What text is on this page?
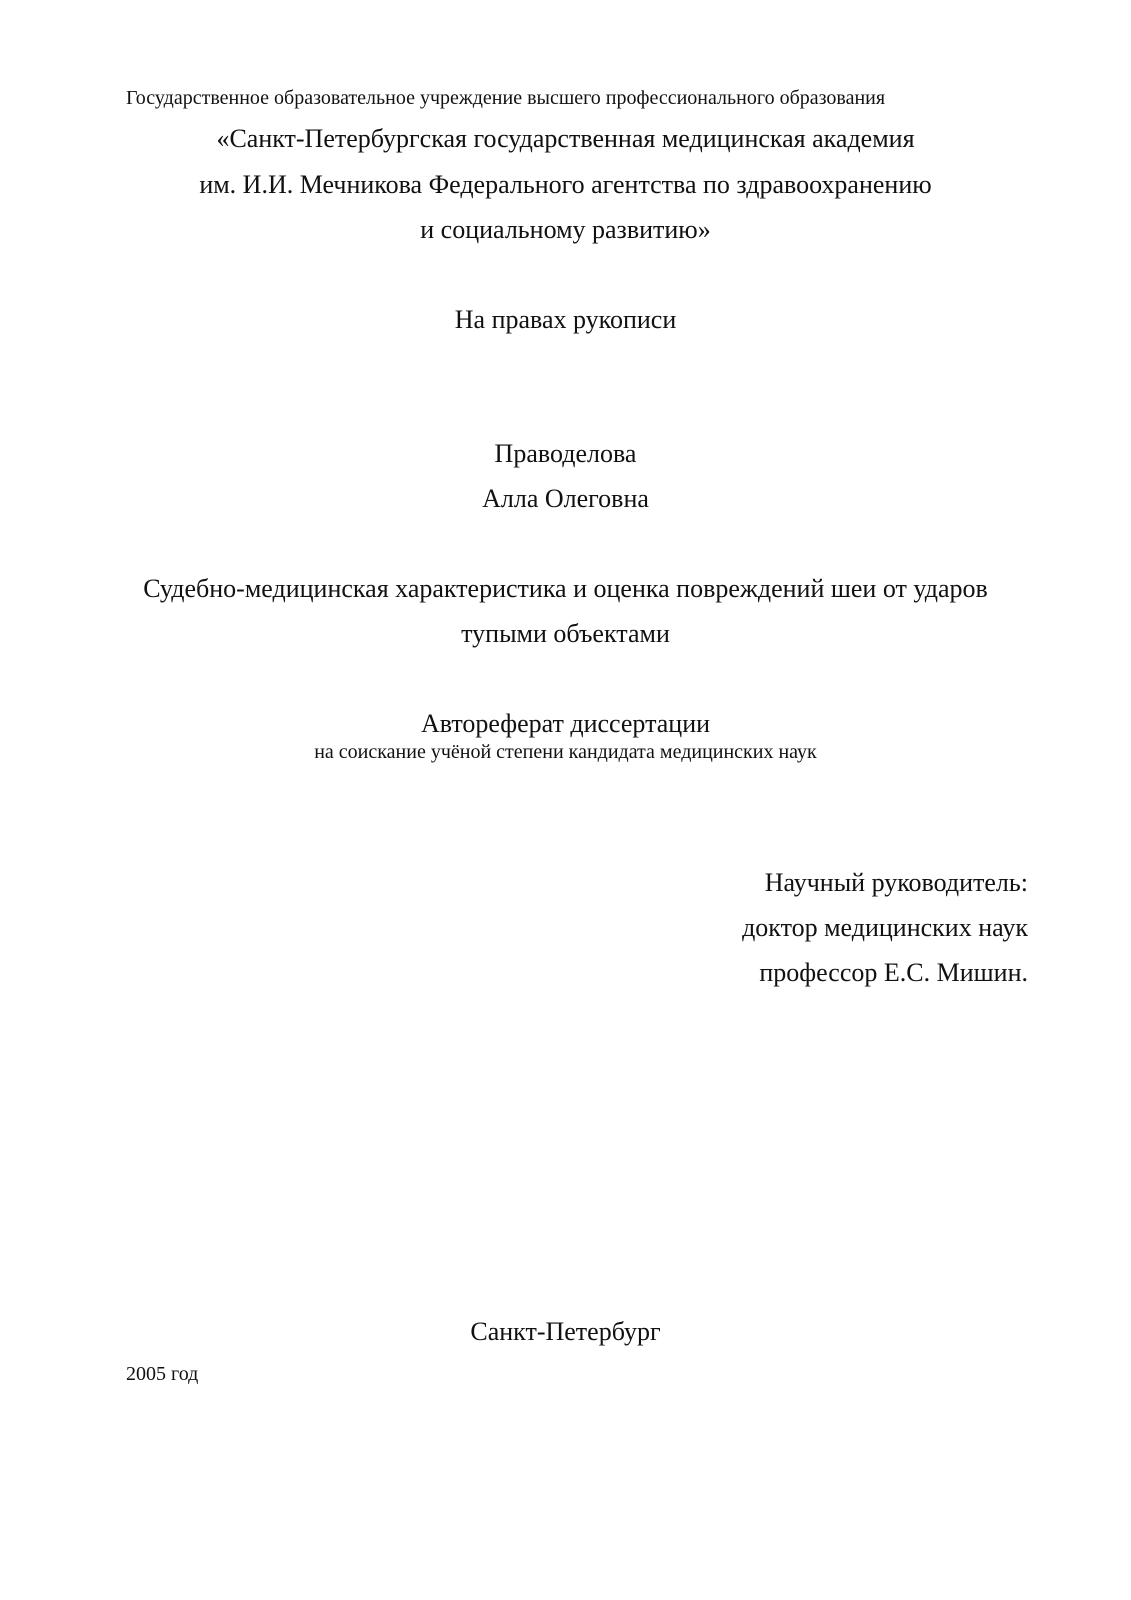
Государственное образовательное учреждение высшего профессионального образования
«Санкт-Петербургская государственная медицинская академия
им. И.И. Мечникова Федерального агентства по здравоохранению
и социальному развитию»
На правах рукописи
Праводелова
Алла Олеговна
Судебно-медицинская характеристика и оценка повреждений шеи от ударов
тупыми объектами
Автореферат диссертации
на соискание учёной степени кандидата медицинских наук
Научный руководитель:
доктор медицинских наук
профессор Е.С. Мишин.
Санкт-Петербург
2005 год
